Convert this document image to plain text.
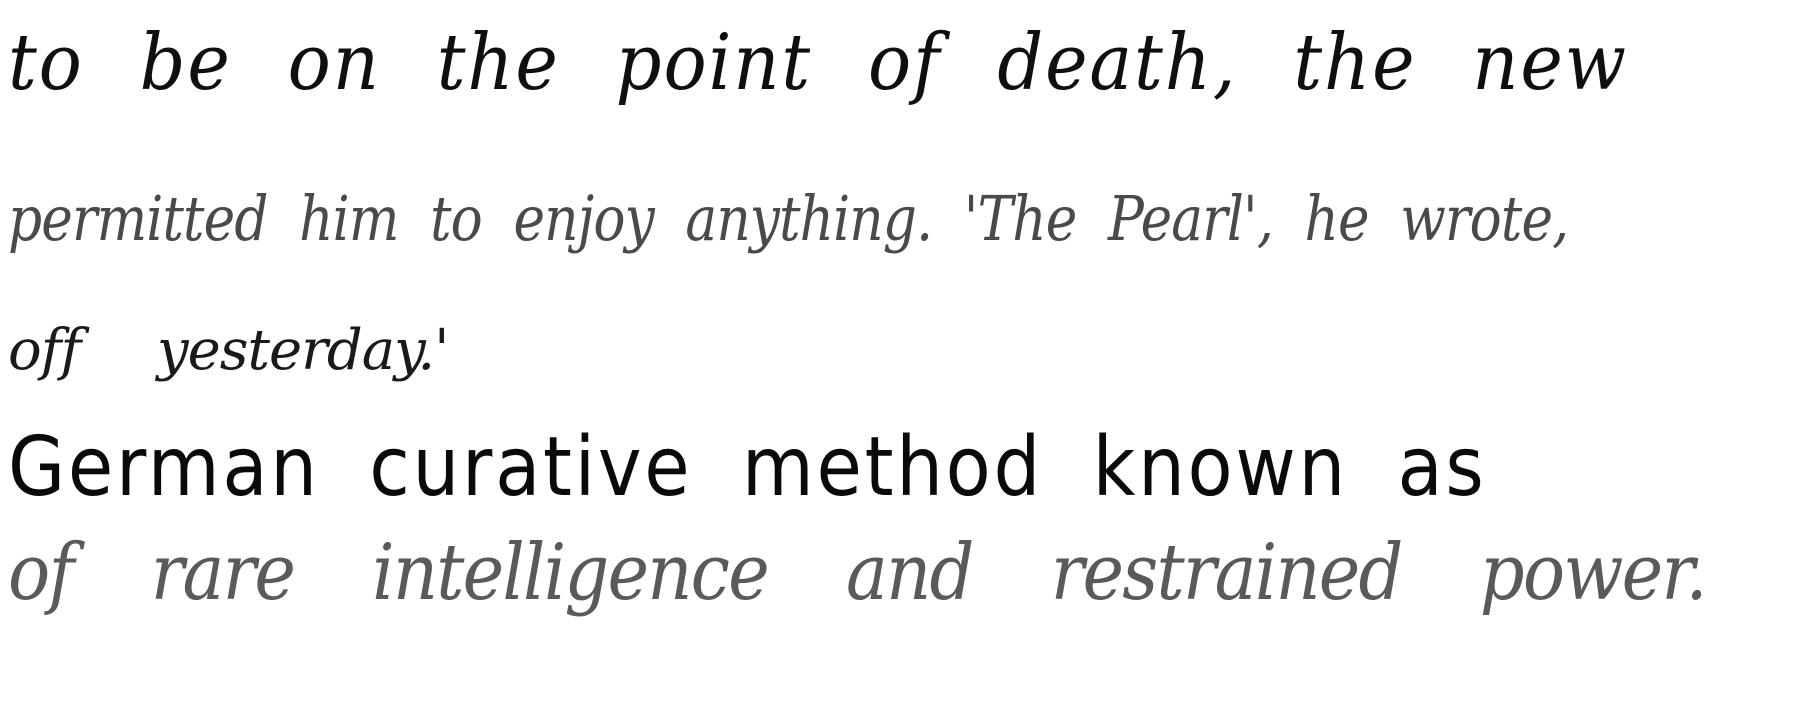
to be on the point of death, the new
permitted him to enjoy anything. 'The Pearl', he wrote,
off yesterday.'
German curative method known as
of rare intelligence and restrained power.
